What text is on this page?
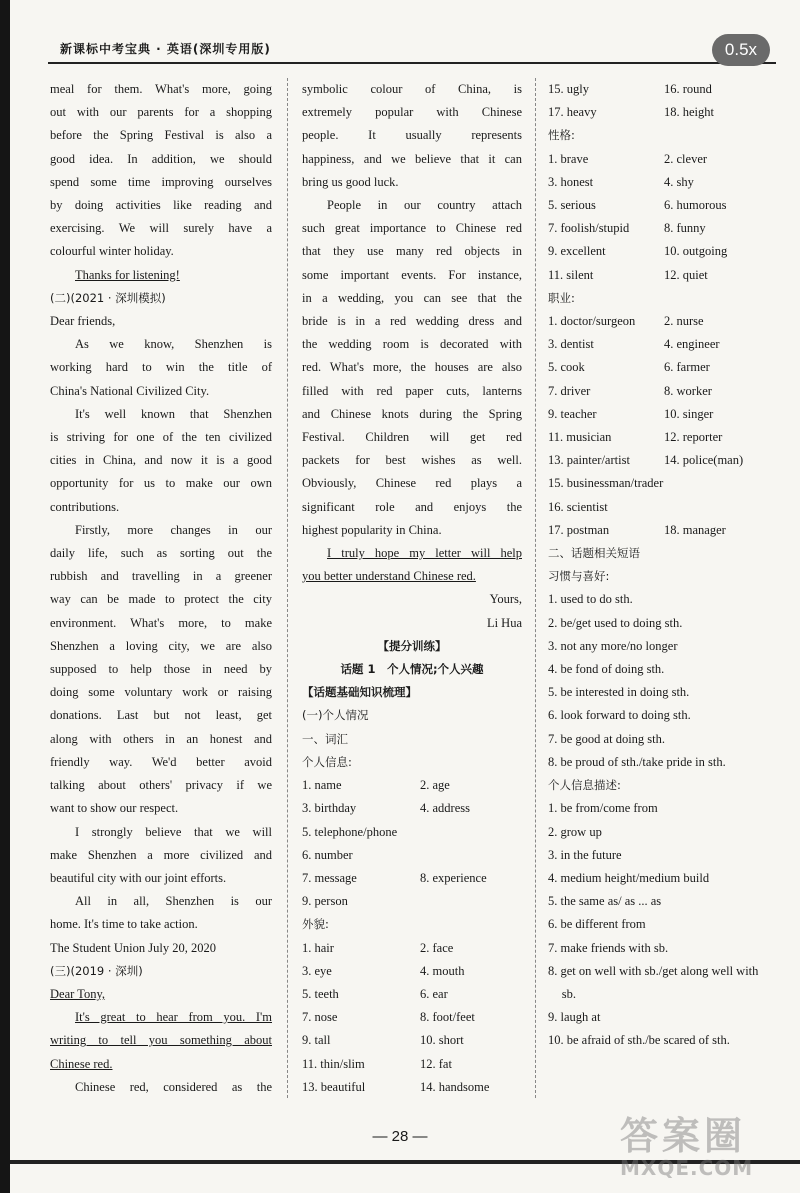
新课标中考宝典 · 英语(深圳专用版)	0.5x

meal for them. What's more, going

out with our parents for a shopping

before the Spring Festival is also a

good idea. In addition, we should

spend some time improving ourselves

by doing activities like reading and

exercising. We will surely have a

colourful winter holiday.

Thanks for listening!

(二)(2021 · 深圳模拟)

Dear friends,

As we know, Shenzhen is

working hard to win the title of

China's National Civilized City.

It's well known that Shenzhen

is striving for one of the ten civilized

cities in China, and now it is a good

opportunity for us to make our own

contributions.

Firstly, more changes in our

daily life, such as sorting out the

rubbish and travelling in a greener

way can be made to protect the city

environment. What's more, to make

Shenzhen a loving city, we are also

supposed to help those in need by

doing some voluntary work or raising

donations. Last but not least, get

along with others in an honest and

friendly way. We'd better avoid

talking about others' privacy if we

want to show our respect.

I strongly believe that we will

make Shenzhen a more civilized and

beautiful city with our joint efforts.

All in all, Shenzhen is our

home. It's time to take action.

The Student Union July 20, 2020

(三)(2019 · 深圳)

Dear Tony,

It's great to hear from you. I'm

writing to tell you something about

Chinese red.

Chinese red, considered as the

symbolic colour of China, is

extremely popular with Chinese

people. It usually represents

happiness, and we believe that it can

bring us good luck.

People in our country attach

such great importance to Chinese red

that they use many red objects in

some important events. For instance,

in a wedding, you can see that the

bride is in a red wedding dress and

the wedding room is decorated with

red. What's more, the houses are also

filled with red paper cuts, lanterns

and Chinese knots during the Spring

Festival. Children will get red

packets for best wishes as well.

Obviously, Chinese red plays a

significant role and enjoys the

highest popularity in China.

I truly hope my letter will help

you better understand Chinese red.

Yours,

Li Hua

【提分训练】

话题 1　个人情况;个人兴趣

【话题基础知识梳理】

(一)个人情况

一、词汇

个人信息:

1. name	2. age
3. birthday	4. address
5. telephone/phone
6. number
7. message	8. experience
9. person

外貌:

1. hair	2. face
3. eye	4. mouth
5. teeth	6. ear
7. nose	8. foot/feet
9. tall	10. short
11. thin/slim	12. fat
13. beautiful	14. handsome
15. ugly	16. round
17. heavy	18. height

性格:

1. brave	2. clever
3. honest	4. shy
5. serious	6. humorous
7. foolish/stupid	8. funny
9. excellent	10. outgoing
11. silent	12. quiet

职业:

1. doctor/surgeon	2. nurse
3. dentist	4. engineer
5. cook	6. farmer
7. driver	8. worker
9. teacher	10. singer
11. musician	12. reporter
13. painter/artist	14. police(man)
15. businessman/trader
16. scientist
17. postman	18. manager

二、话题相关短语

习惯与喜好:

1. used to do sth.

2. be/get used to doing sth.

3. not any more/no longer

4. be fond of doing sth.

5. be interested in doing sth.

6. look forward to doing sth.

7. be good at doing sth.

8. be proud of sth./take pride in sth.

个人信息描述:

1. be from/come from

2. grow up

3. in the future

4. medium height/medium build

5. the same as/ as ... as

6. be different from

7. make friends with sb.

8. get on well with sb./get along well with sb.

9. laugh at

10. be afraid of sth./be scared of sth.

— 28 —	答案圈
MXQE.COM
